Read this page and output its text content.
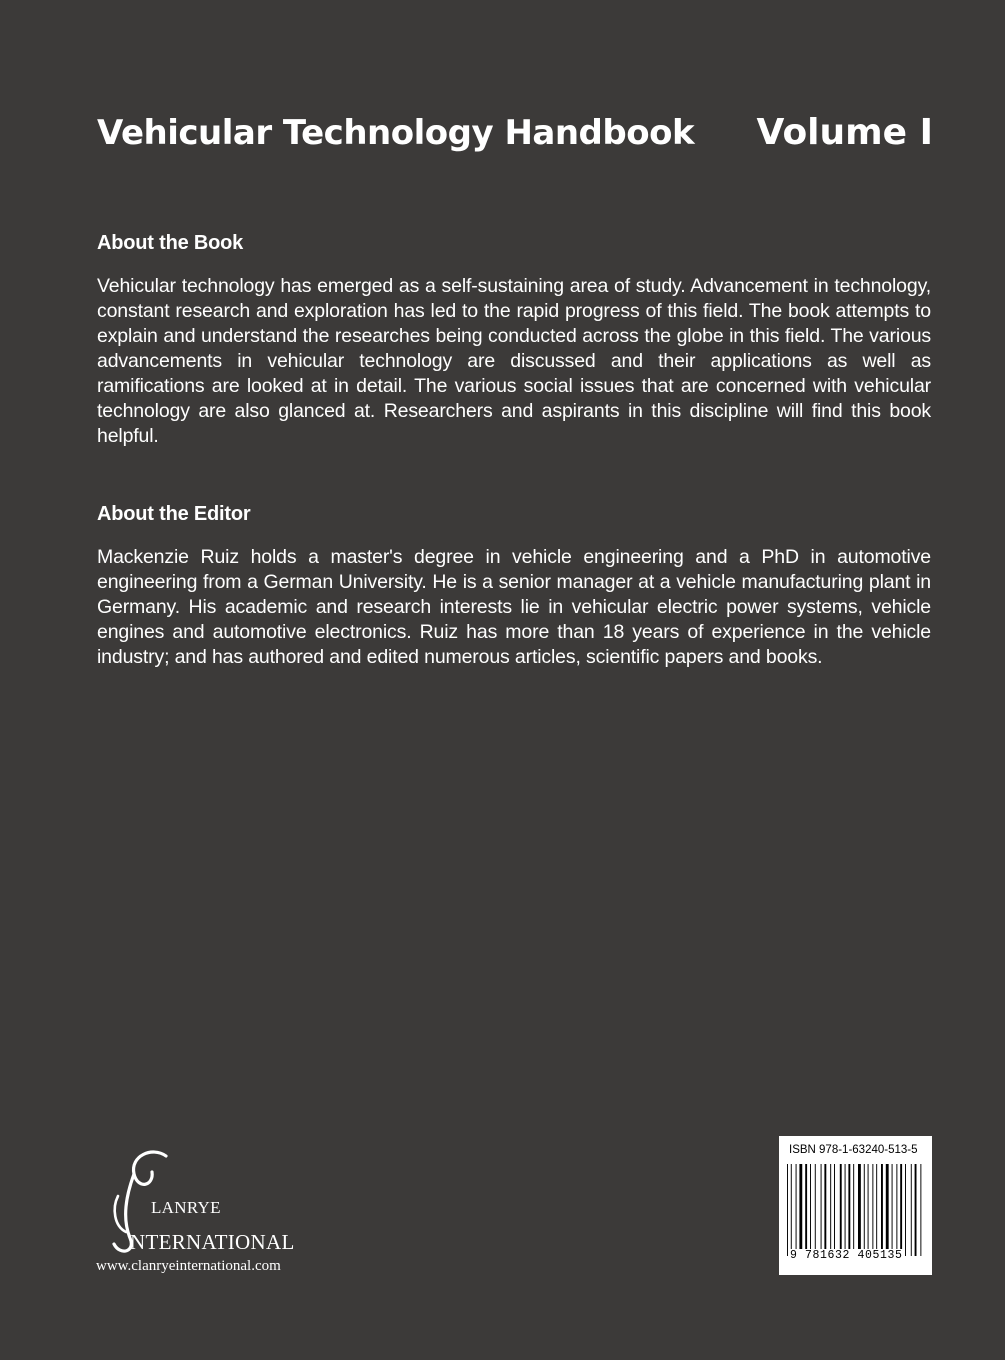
Vehicular Technology Handbook Volume I
About the Book

Vehicular technology has emerged as a self-sustaining area of study. Advancement in technology, constant research and exploration has led to the rapid progress of this field. The book attempts to explain and understand the researches being conducted across the globe in this field. The various advancements in vehicular technology are discussed and their applications as well as ramifications are looked at in detail. The various social issues that are concerned with vehicular technology are also glanced at. Researchers and aspirants in this discipline will find this book helpful.

About the Editor

Mackenzie Ruiz holds a master's degree in vehicle engineering and a PhD in automotive engineering from a German University. He is a senior manager at a vehicle manufacturing plant in Germany. His academic and research interests lie in vehicular electric power systems, vehicle engines and automotive electronics. Ruiz has more than 18 years of experience in the vehicle industry; and has authored and edited numerous articles, scientific papers and books.

LANRYE
NTERNATIONAL
www.clanryeinternational.com
ISBN 978-1-63240-513-5
9 781632 405135
